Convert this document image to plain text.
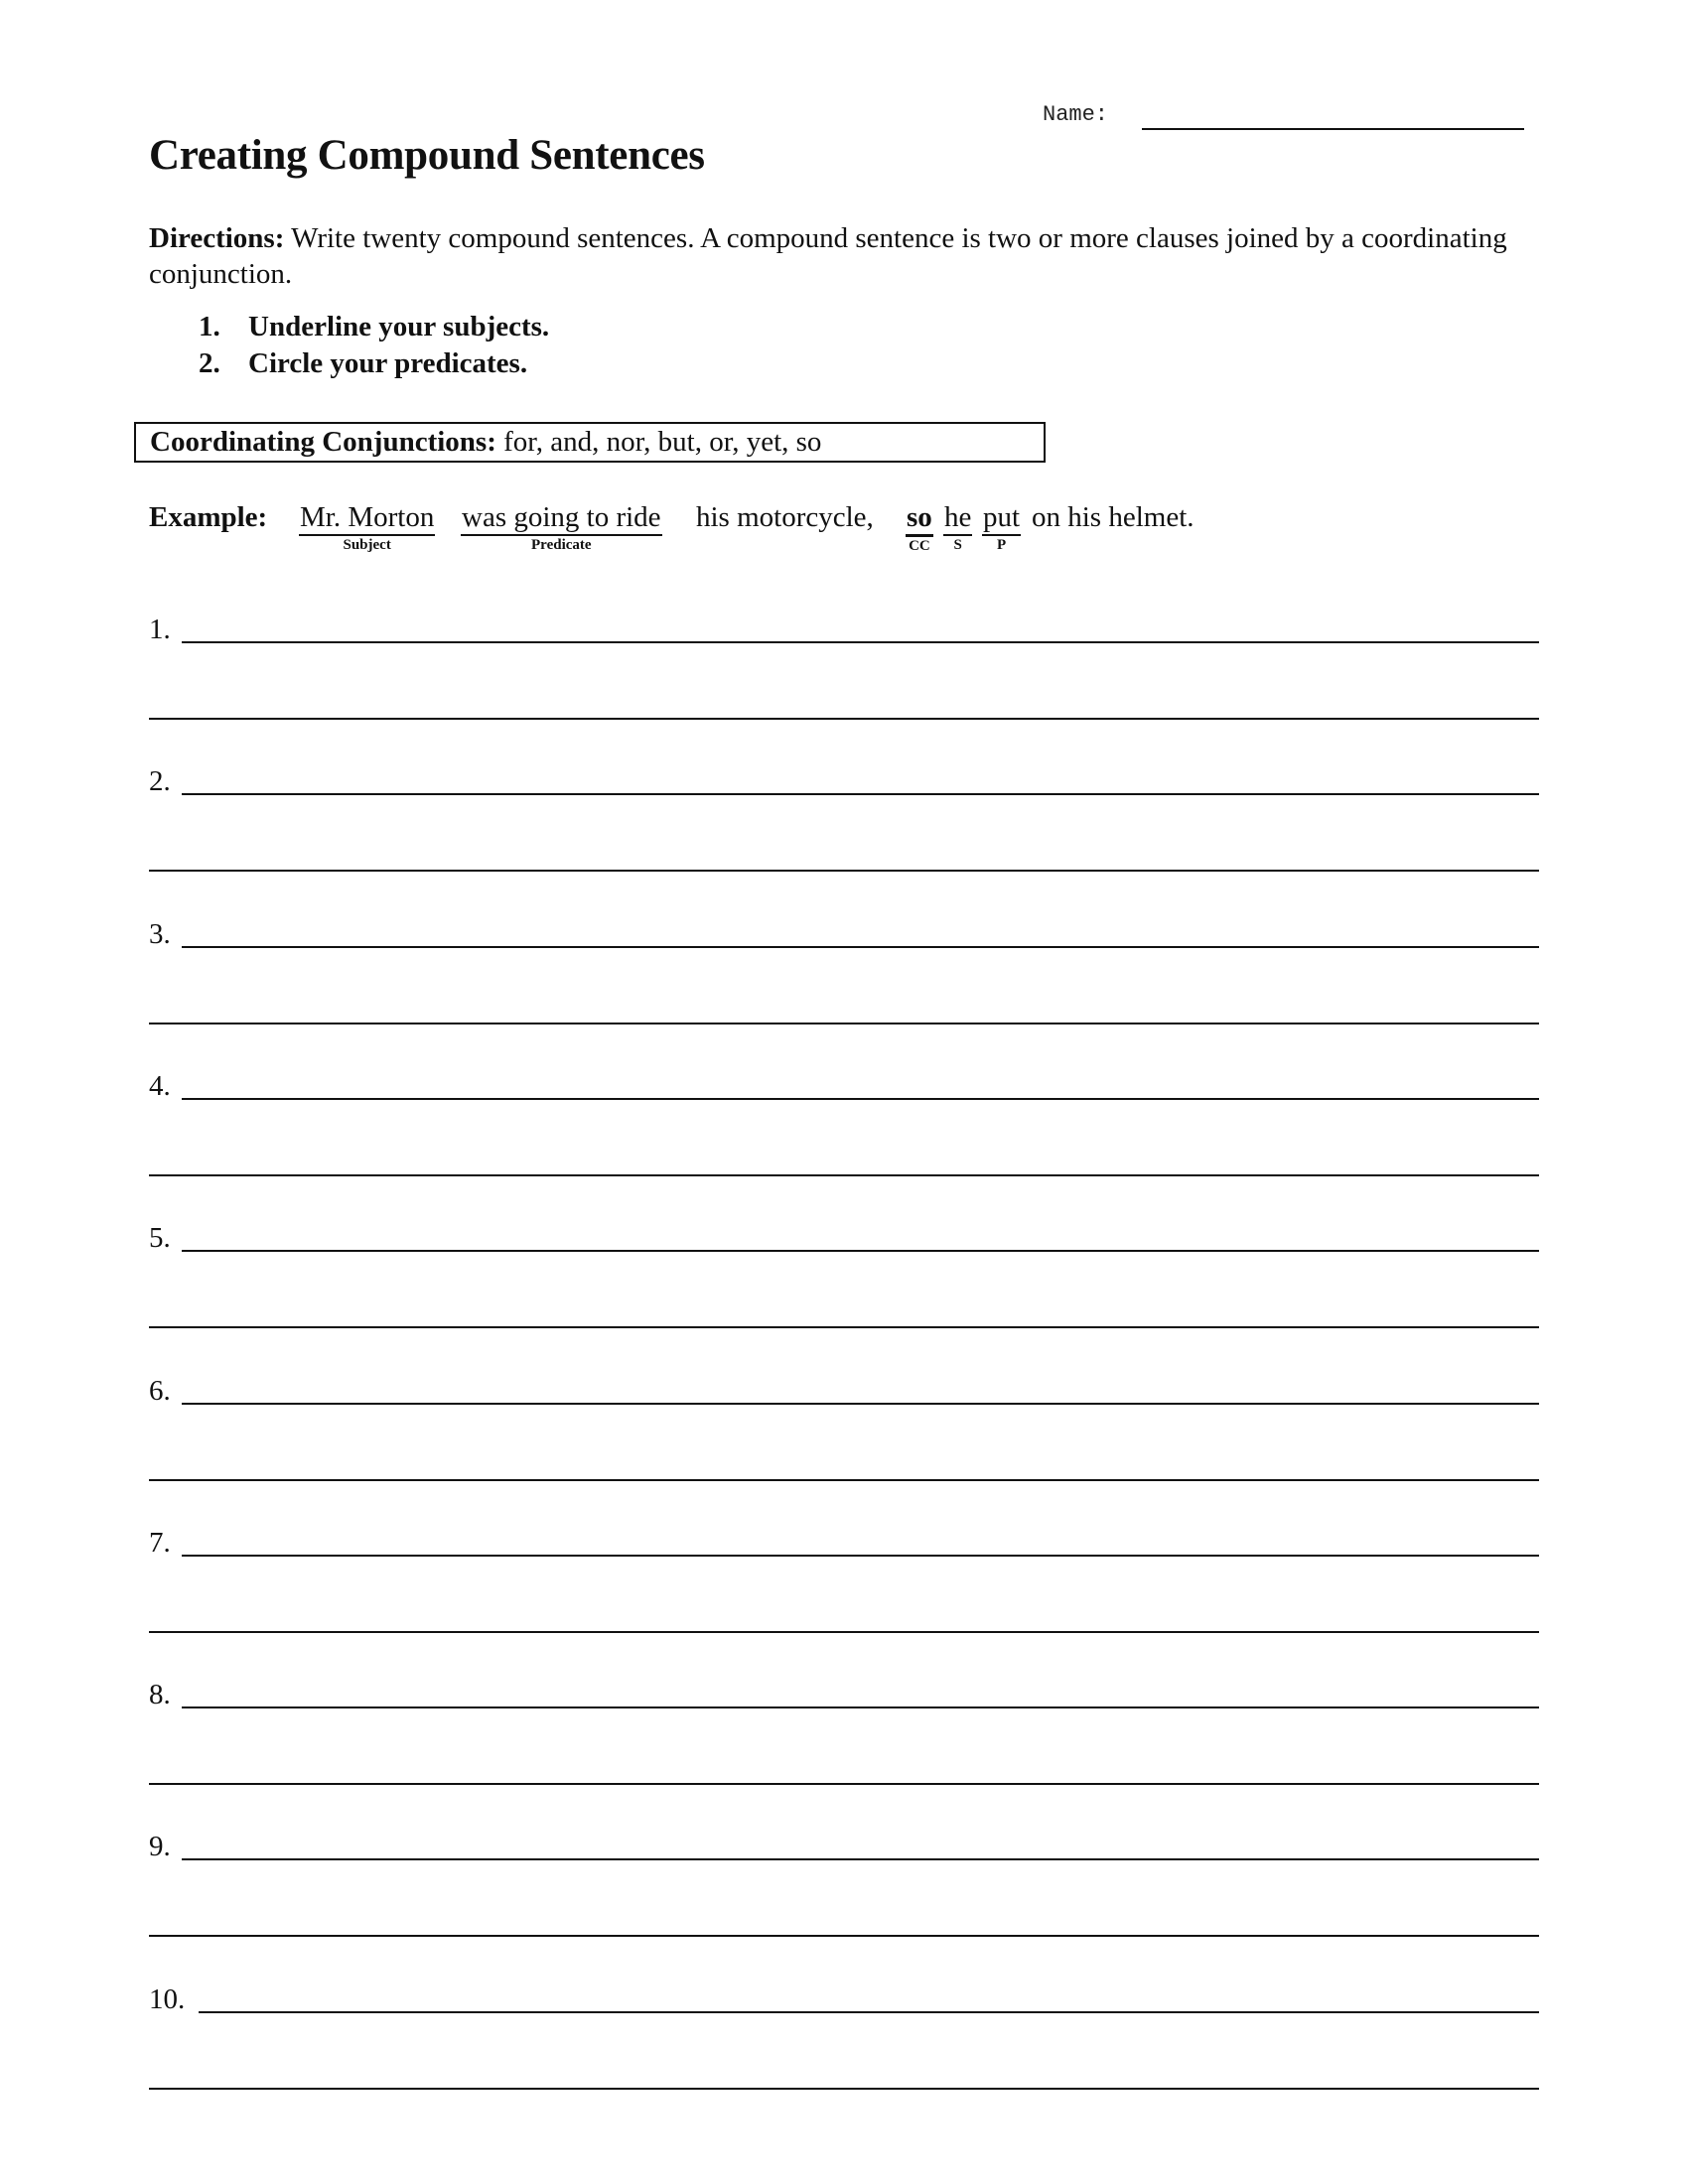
Name:
Creating Compound Sentences
Directions: Write twenty compound sentences. A compound sentence is two or more clauses joined by a coordinating conjunction.
1. Underline your subjects.
2. Circle your predicates.
Coordinating Conjunctions: for, and, nor, but, or, yet, so
Example: Mr. Morton
Subject
was going to ride
Predicate
his motorcycle, so
CC
he
S
put
P
on his helmet.
1.
2.
3.
4.
5.
6.
7.
8.
9.
10.
